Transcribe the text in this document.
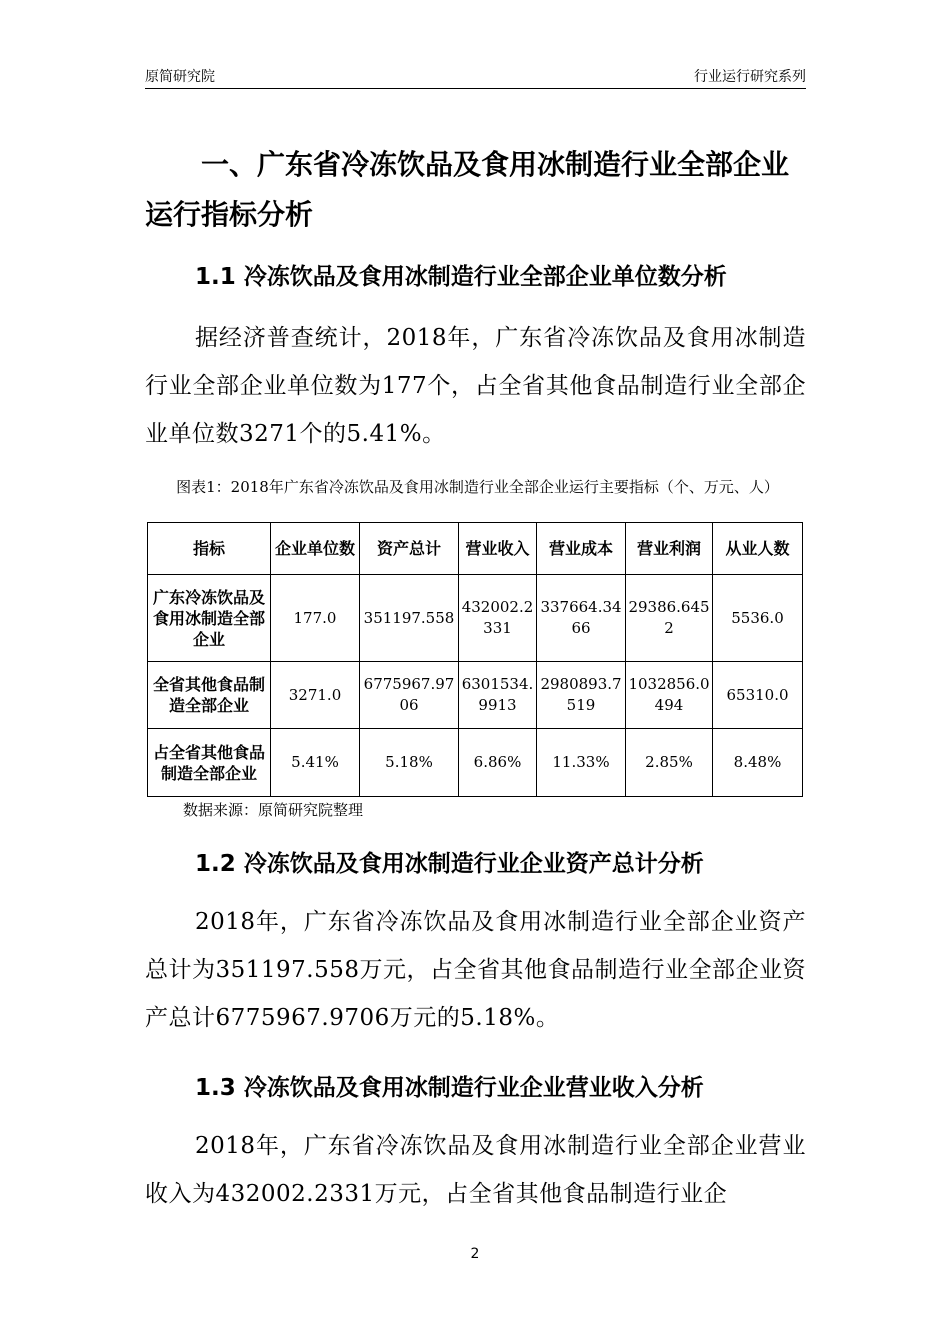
原简研究院	行业运行研究系列
一、广东省冷冻饮品及食用冰制造行业全部企业运行指标分析
1.1 冷冻饮品及食用冰制造行业全部企业单位数分析
据经济普查统计，2018年，广东省冷冻饮品及食用冰制造行业全部企业单位数为177个，占全省其他食品制造行业全部企业单位数3271个的5.41%。
图表1：2018年广东省冷冻饮品及食用冰制造行业全部企业运行主要指标（个、万元、人）
指标	企业单位数	资产总计	营业收入	营业成本	营业利润	从业人数
广东冷冻饮品及食用冰制造全部企业	177.0	351197.558	432002.2331	337664.3466	29386.6452	5536.0
全省其他食品制造全部企业	3271.0	6775967.9706	6301534.9913	2980893.7519	1032856.0494	65310.0
占全省其他食品制造全部企业	5.41%	5.18%	6.86%	11.33%	2.85%	8.48%
数据来源：原简研究院整理
1.2 冷冻饮品及食用冰制造行业企业资产总计分析
2018年，广东省冷冻饮品及食用冰制造行业全部企业资产总计为351197.558万元，占全省其他食品制造行业全部企业资产总计6775967.9706万元的5.18%。
1.3 冷冻饮品及食用冰制造行业企业营业收入分析
2018年，广东省冷冻饮品及食用冰制造行业全部企业营业收入为432002.2331万元，占全省其他食品制造行业企
2
